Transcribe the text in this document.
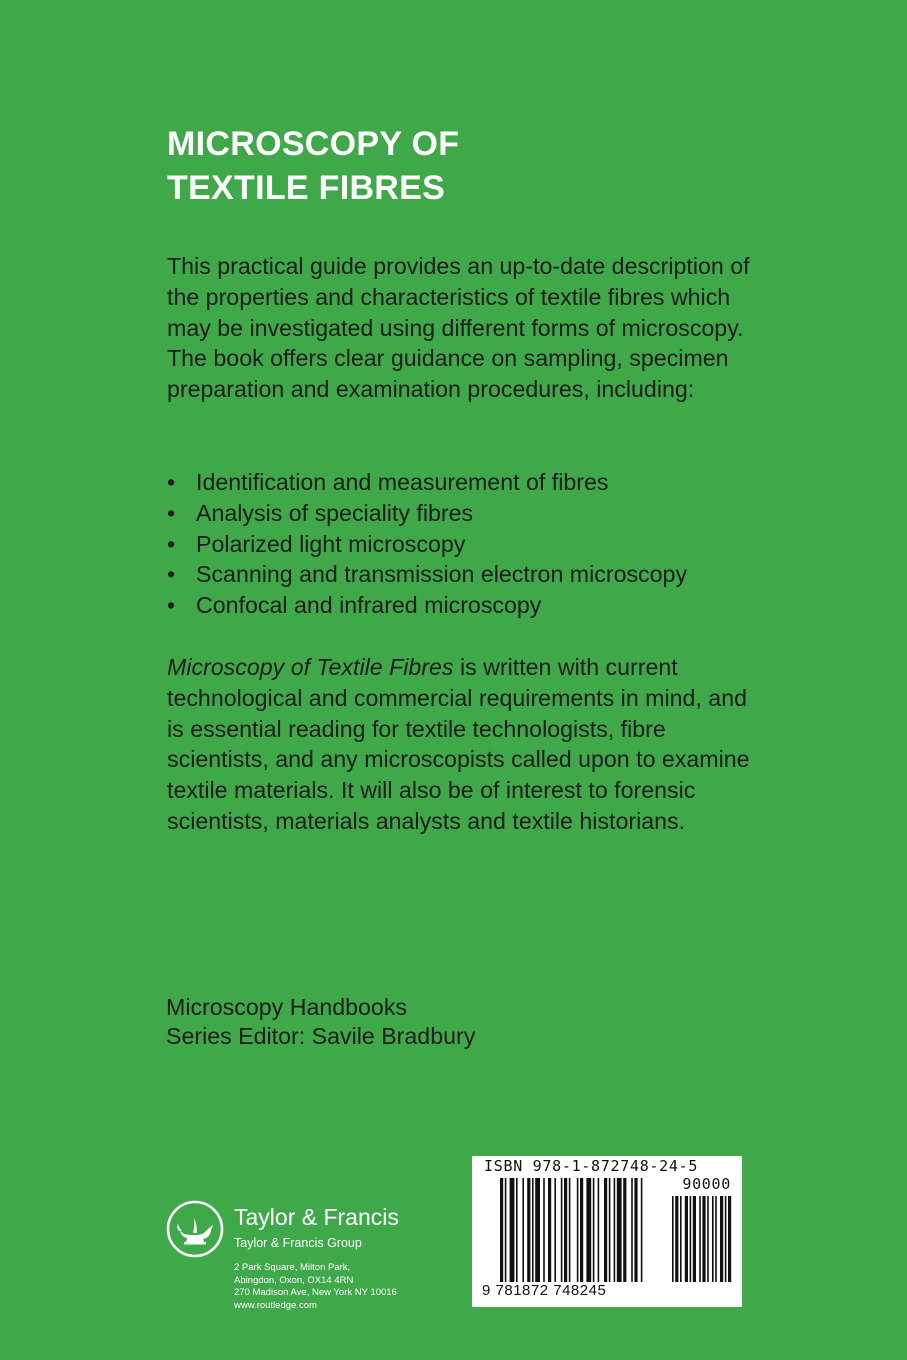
MICROSCOPY OF
TEXTILE FIBRES

This practical guide provides an up-to-date description of the properties and characteristics of textile fibres which may be investigated using different forms of microscopy. The book offers clear guidance on sampling, specimen preparation and examination procedures, including:

• Identification and measurement of fibres
• Analysis of speciality fibres
• Polarized light microscopy
• Scanning and transmission electron microscopy
• Confocal and infrared microscopy

Microscopy of Textile Fibres is written with current technological and commercial requirements in mind, and is essential reading for textile technologists, fibre scientists, and any microscopists called upon to examine textile materials. It will also be of interest to forensic scientists, materials analysts and textile historians.

Microscopy Handbooks
Series Editor: Savile Bradbury
Taylor & Francis
Taylor & Francis Group
2 Park Square, Milton Park,
Abingdon, Oxon, OX14 4RN
270 Madison Ave, New York NY 10016
www.routledge.com
ISBN 978-1-872748-24-5
90000
9 781872 748245
